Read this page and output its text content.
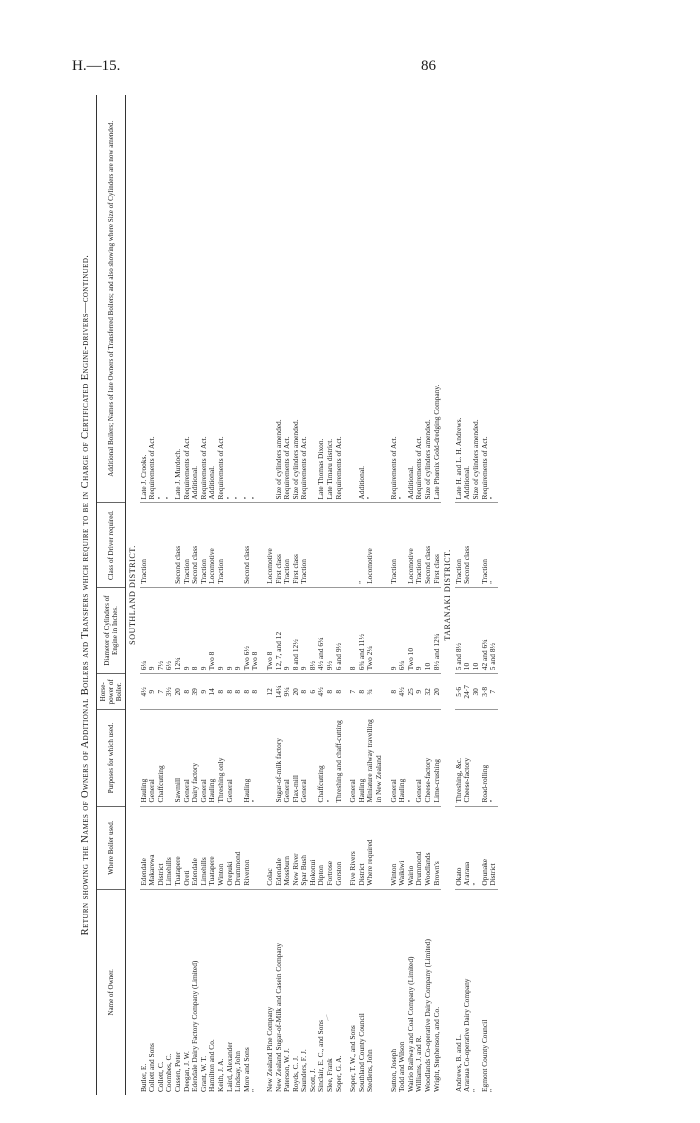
H.—15.	86
Return showing the Names of Owners of Additional Boilers and Transfers which require to be in Charge of Certificated Engine-drivers—continued.
Name of Owner.	Where Boiler used.	Purposes for which used.	Horse-power of Boiler.	Diameter of Cylinders of Engine in Inches.	Class of Driver required.	Additional Boilers; Names of late Owners of Transferred Boilers; and also showing where Size of Cylinders are now amended.
SOUTHLAND DISTRICT.						
Butler, E.	Edendale	Hauling	4½	6¼	Traction	Late J. Crooks.
Collett and Sons	Makarewa	General	9	9		Requirements of Act.
Collett, C.	District	Chaffcutting	7	7½		"
Coombes, C.	Limehills		3½	6½		"
Cussen, Peter	Tuatapere	Sawmill	20	12¾	Second class	Late J. Murdoch.
Deegan, J. W.	Oreti	General	8	9	Traction	Requirements of Act.
Edendale Dairy Factory Company (Limited)	Edendale	Dairy factory	39	8	Second class	Additional.
Grant, W. T.	Limehills	General	9	9	Traction	Requirements of Act.
Hamilton and Co.	Tuatapere	Hauling	14	Two 8	Locomotive	Additional.
Keith, J. A.	Winton	Threshing only	8	9	Traction	Requirements of Act.
Laird, Alexander	Orepuki	General	8	9		"
Lindsay, John	Drummond		8	9		"
More and Sons	Riverton	Hauling	8	Two 6½	Second class	"
"		"	8	Two 8		"

New Zealand Pine Company	Colac		12	Two 8	Locomotive	
New Zealand Sugar-of-Milk and Casein Company	Edendale	Sugar-of-milk factory	14¼	12, 7, and 12	First class	Size of cylinders amended.
Paterson, W. J.	Mossburn	General	9¼	9	Traction	Requirements of Act.
Royds, C. J.	New River	Flax-mill	20	8 and 12½	First class	Size of cylinders amended.
Saunders, F. J.	Spar Bush	General	8	9	Traction	Requirements of Act.
Scott, J.	Hokonui		6	8½		
Sinclair, E. C., and Sons	Dipton	Chaffcutting	4½	4½ and 6¾		Late Thomas Dixon.
Slee, Frank	Fortrose	"	8	9½		Late Timaru district.
Soper, G. A.	Gorston	Threshing and chaff-cutting	8	6 and 9½		Requirements of Act.

Soper, T. W., and Sons	Five Rivers	General	7	8		
Southland County Council	District	Hauling	8	6¾ and 11½	"	Additional.
Stedlens, John	Where required	Miniature railway travelling in New Zealand	¾	Two 2¼	Locomotive	"

Sutton, Joseph	Winton	General	8	9	Traction	Requirements of Act.
Todd and Wilson	Waikiwi	Hauling	4½	6¼		"
Wairio Railway and Coal Company (Limited)	Wairio	"	25	Two 10	Locomotive	Additional.
Williams, J. and R.	Drummond	General	9	9	Traction	Requirements of Act.
Woodlands Co-operative Dairy Company (Limited)	Woodlands	Cheese-factory	32	10	Second class	Size of cylinders amended.
Wright, Stephenson, and Co.	Brown's	Lime-crushing	20	8½ and 12¾	First class	Late Phœnix Gold-dredging Company.
TARANAKI DISTRICT.						
Andrews, B. and L.	Okato	Threshing, &c.	5·6	5 and 8½	Traction	Late H. and L. H. Andrews.
Araraua Co-operative Dairy Company	Araraua	Cheese-factory	24·7	10	Second class	Additional.
"	"		30	10		Size of cylinders amended.
Egmont County Council	Opunake	Road-rolling	3·8	42 and 6¾	Traction	Requirements of Act.
"	District	"	7	5 and 8½	"	"
\
